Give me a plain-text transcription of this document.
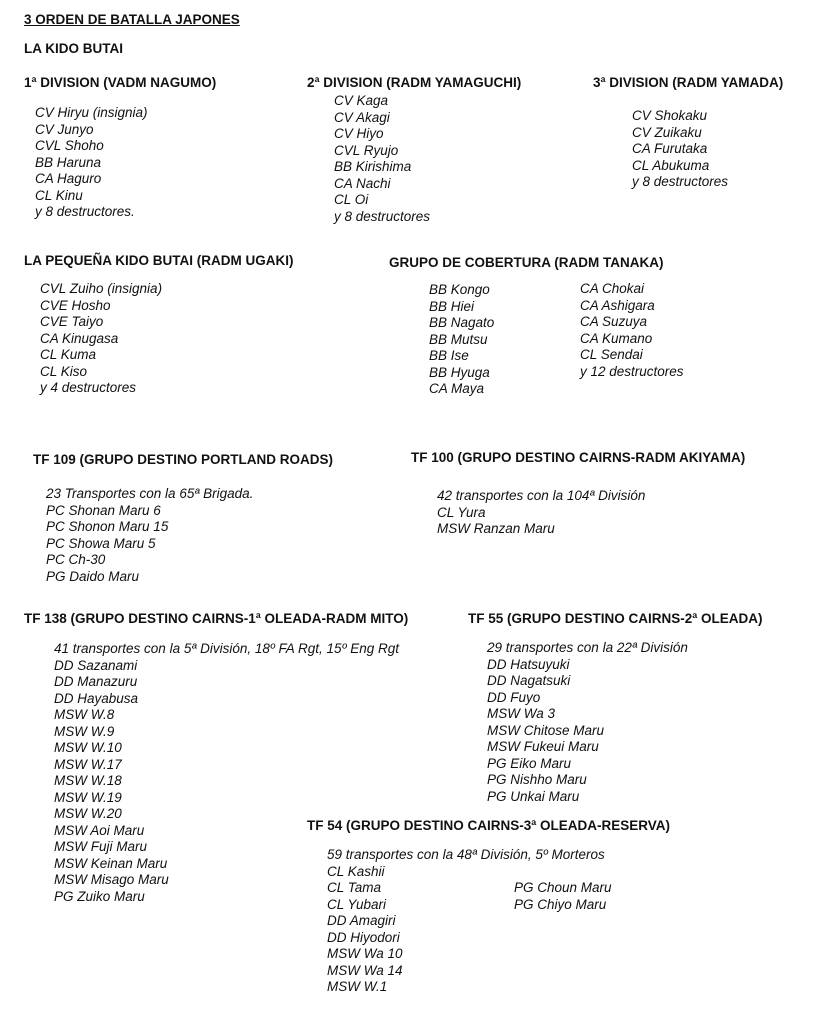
3 ORDEN DE BATALLA JAPONES
LA KIDO BUTAI
1ª DIVISION (VADM NAGUMO)
CV Hiryu (insignia)
CV Junyo
CVL Shoho
BB Haruna
CA Haguro
CL Kinu
y 8 destructores.
2ª DIVISION (RADM YAMAGUCHI)
CV Kaga
CV Akagi
CV Hiyo
CVL Ryujo
BB Kirishima
CA Nachi
CL Oi
y 8 destructores
3ª DIVISION (RADM YAMADA)
CV Shokaku
CV Zuikaku
CA Furutaka
CL Abukuma
y 8 destructores
LA PEQUEÑA KIDO BUTAI (RADM UGAKI)
CVL Zuiho (insignia)
CVE Hosho
CVE Taiyo
CA Kinugasa
CL Kuma
CL Kiso
y 4 destructores
GRUPO DE COBERTURA (RADM TANAKA)
BB Kongo
BB Hiei
BB Nagato
BB Mutsu
BB Ise
BB Hyuga
CA Maya
CA Chokai
CA Ashigara
CA Suzuya
CA Kumano
CL Sendai
y 12 destructores
TF 109 (GRUPO DESTINO PORTLAND ROADS)
23 Transportes con la 65ª Brigada.
PC Shonan Maru 6
PC Shonon Maru 15
PC Showa Maru 5
PC Ch-30
PG Daido Maru
TF 100 (GRUPO DESTINO CAIRNS-RADM AKIYAMA)
42 transportes con la 104ª División
CL Yura
MSW Ranzan Maru
TF 138 (GRUPO DESTINO CAIRNS-1ª OLEADA-RADM MITO)
41 transportes con la 5ª División, 18º FA Rgt, 15º Eng Rgt
DD Sazanami
DD Manazuru
DD Hayabusa
MSW W.8
MSW W.9
MSW W.10
MSW W.17
MSW W.18
MSW W.19
MSW W.20
MSW Aoi Maru
MSW Fuji Maru
MSW Keinan Maru
MSW Misago Maru
PG Zuiko Maru
TF 55 (GRUPO DESTINO CAIRNS-2ª OLEADA)
29 transportes con la 22ª División
DD Hatsuyuki
DD Nagatsuki
DD Fuyo
MSW Wa 3
MSW Chitose Maru
MSW Fukeui Maru
PG Eiko Maru
PG Nishho Maru
PG Unkai Maru
TF 54 (GRUPO DESTINO CAIRNS-3ª OLEADA-RESERVA)
59 transportes con la 48ª División, 5º Morteros
CL Kashii
CL Tama
CL Yubari
DD Amagiri
DD Hiyodori
MSW Wa 10
MSW Wa 14
MSW W.1
PG Choun Maru
PG Chiyo Maru
